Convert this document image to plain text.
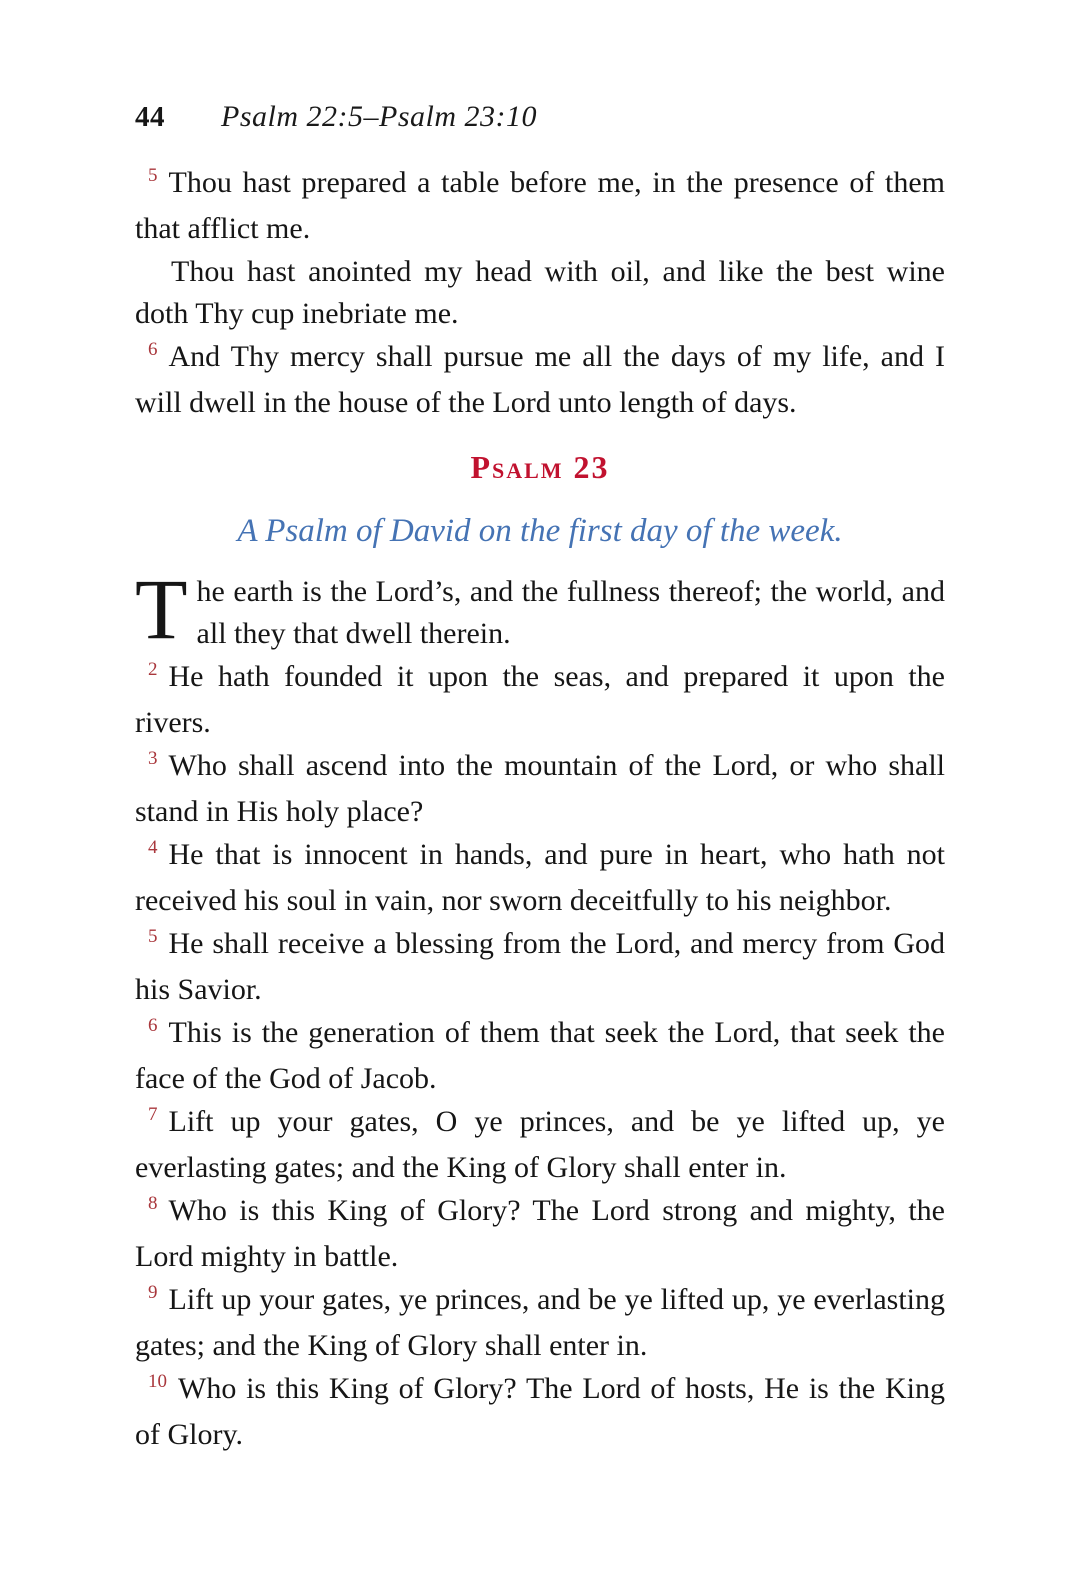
44 Psalm 22:5–Psalm 23:10

$^5$ Thou hast prepared a table before me, in the presence of them that afflict me.

Thou hast anointed my head with oil, and like the best wine doth Thy cup inebriate me.

$^6$ And Thy mercy shall pursue me all the days of my life, and I will dwell in the house of the Lord unto length of days.

Psalm 23

A Psalm of David on the first day of the week.

The earth is the Lord’s, and the fullness thereof; the world, and all they that dwell therein.

$^2$ He hath founded it upon the seas, and prepared it upon the rivers.

$^3$ Who shall ascend into the mountain of the Lord, or who shall stand in His holy place?

$^4$ He that is innocent in hands, and pure in heart, who hath not received his soul in vain, nor sworn deceitfully to his neighbor.

$^5$ He shall receive a blessing from the Lord, and mercy from God his Savior.

$^6$ This is the generation of them that seek the Lord, that seek the face of the God of Jacob.

$^7$ Lift up your gates, O ye princes, and be ye lifted up, ye everlasting gates; and the King of Glory shall enter in.

$^8$ Who is this King of Glory? The Lord strong and mighty, the Lord mighty in battle.

$^9$ Lift up your gates, ye princes, and be ye lifted up, ye everlasting gates; and the King of Glory shall enter in.

$^{10}$ Who is this King of Glory? The Lord of hosts, He is the King of Glory.
